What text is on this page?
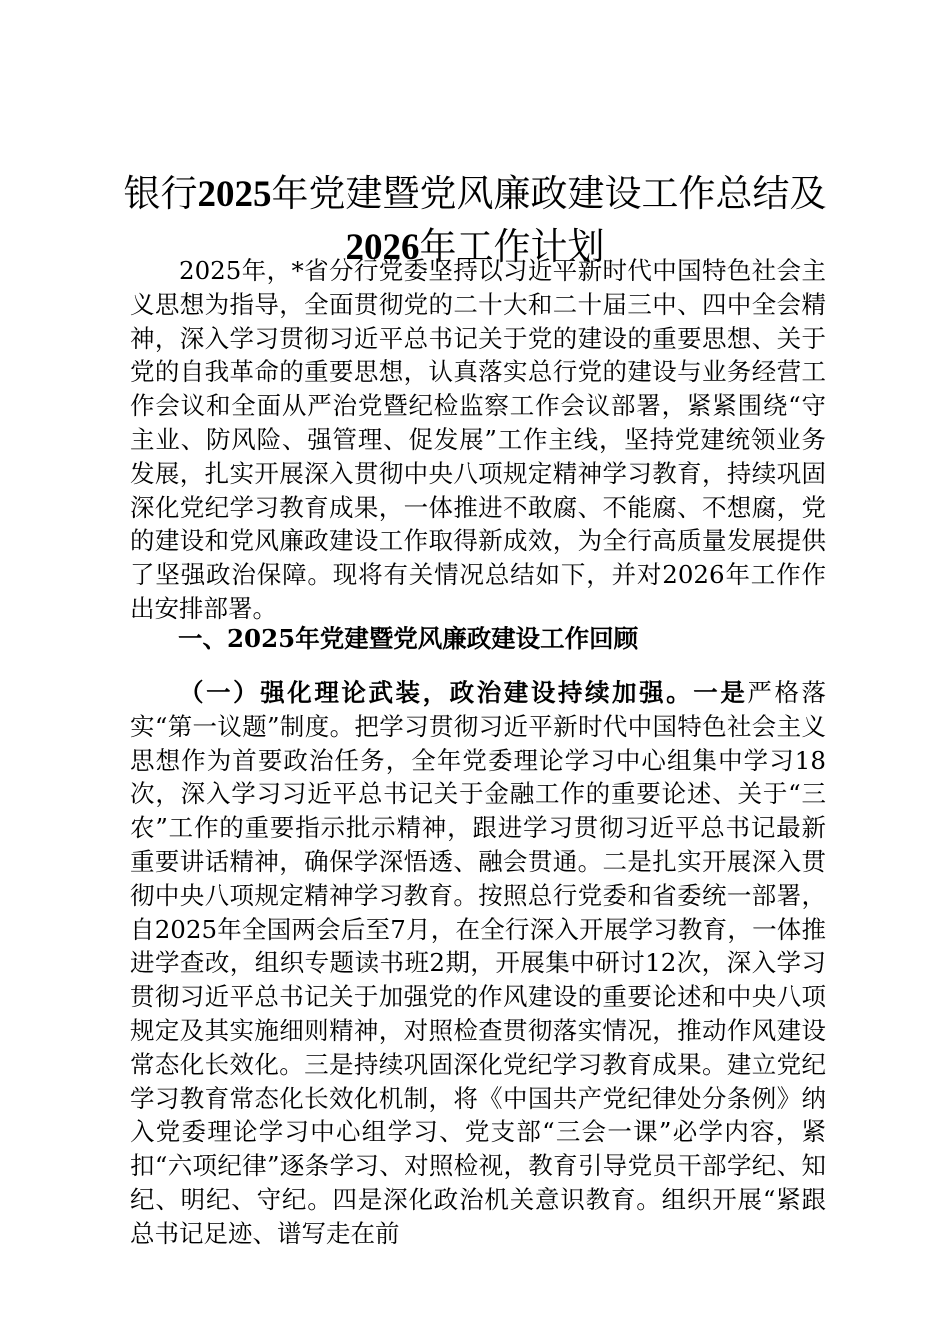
银行2025年党建暨党风廉政建设工作总结及
2026年工作计划

2025年，*省分行党委坚持以习近平新时代中国特色社会主义思想为指导，全面贯彻党的二十大和二十届三中、四中全会精神，深入学习贯彻习近平总书记关于党的建设的重要思想、关于党的自我革命的重要思想，认真落实总行党的建设与业务经营工作会议和全面从严治党暨纪检监察工作会议部署，紧紧围绕“守主业、防风险、强管理、促发展”工作主线，坚持党建统领业务发展，扎实开展深入贯彻中央八项规定精神学习教育，持续巩固深化党纪学习教育成果，一体推进不敢腐、不能腐、不想腐，党的建设和党风廉政建设工作取得新成效，为全行高质量发展提供了坚强政治保障。现将有关情况总结如下，并对2026年工作作出安排部署。

一、2025年党建暨党风廉政建设工作回顾

（一）强化理论武装，政治建设持续加强。一是严格落实“第一议题”制度。把学习贯彻习近平新时代中国特色社会主义思想作为首要政治任务，全年党委理论学习中心组集中学习18次，深入学习习近平总书记关于金融工作的重要论述、关于“三农”工作的重要指示批示精神，跟进学习贯彻习近平总书记最新重要讲话精神，确保学深悟透、融会贯通。二是扎实开展深入贯彻中央八项规定精神学习教育。按照总行党委和省委统一部署，自2025年全国两会后至7月，在全行深入开展学习教育，一体推进学查改，组织专题读书班2期，开展集中研讨12次，深入学习贯彻习近平总书记关于加强党的作风建设的重要论述和中央八项规定及其实施细则精神，对照检查贯彻落实情况，推动作风建设常态化长效化。三是持续巩固深化党纪学习教育成果。建立党纪学习教育常态化长效化机制，将《中国共产党纪律处分条例》纳入党委理论学习中心组学习、党支部“三会一课”必学内容，紧扣“六项纪律”逐条学习、对照检视，教育引导党员干部学纪、知纪、明纪、守纪。四是深化政治机关意识教育。组织开展“紧跟总书记足迹、谱写走在前
